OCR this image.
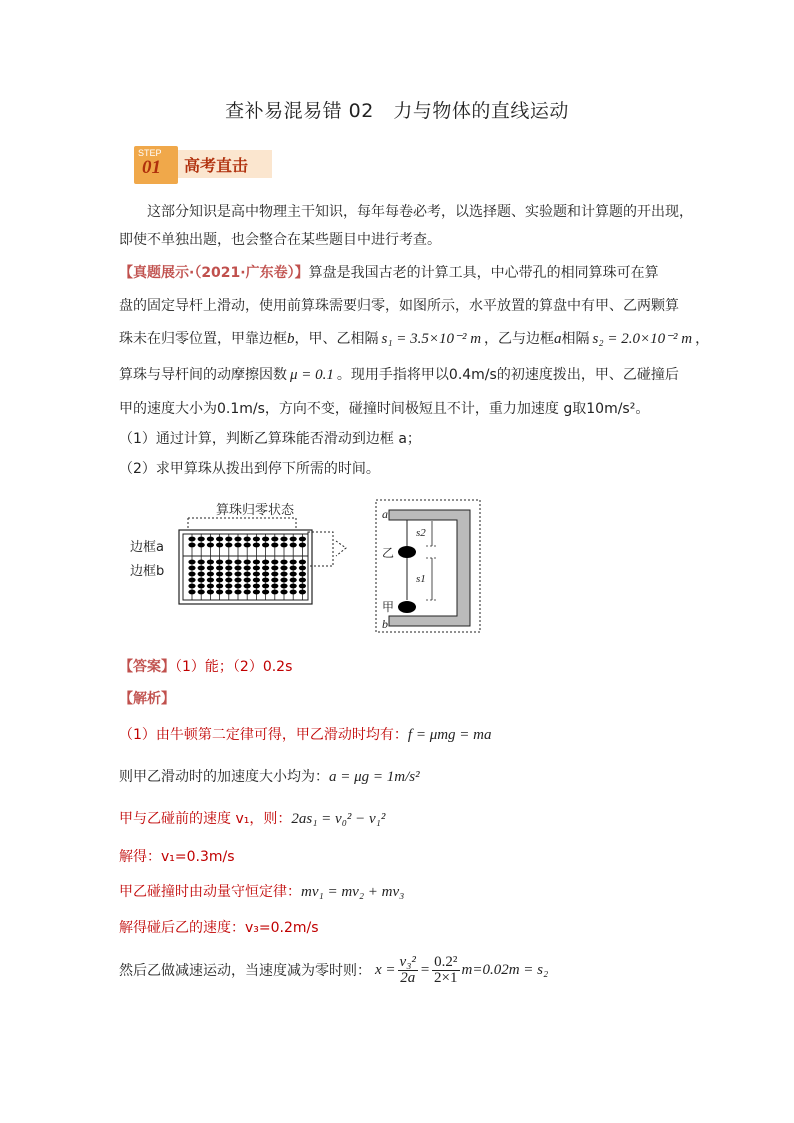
查补易混易错 02　力与物体的直线运动
高考直击
STEP
01
这部分知识是高中物理主干知识，每年每卷必考，以选择题、实验题和计算题的开出现，
即使不单独出题，也会整合在某些题目中进行考查。
【真题展示·（2021·广东卷）】算盘是我国古老的计算工具，中心带孔的相同算珠可在算
盘的固定导杆上滑动，使用前算珠需要归零，如图所示，水平放置的算盘中有甲、乙两颗算
珠未在归零位置，甲靠边框b，甲、乙相隔 s₁ = 3.5×10⁻² m ，乙与边框a相隔 s₂ = 2.0×10⁻² m ，
算珠与导杆间的动摩擦因数 μ = 0.1 。现用手指将甲以0.4m/s的初速度拨出，甲、乙碰撞后
甲的速度大小为0.1m/s，方向不变，碰撞时间极短且不计，重力加速度 g取10m/s²。
（1）通过计算，判断乙算珠能否滑动到边框 a；
（2）求甲算珠从拨出到停下所需的时间。
算珠归零状态
边框a
边框b
a
b
乙
甲
s2
s1
【答案】（1）能；（2）0.2s
【解析】
（1）由牛顿第二定律可得，甲乙滑动时均有：f = μmg = ma
则甲乙滑动时的加速度大小均为：a = μg = 1m/s²
甲与乙碰前的速度 v₁，则：2as₁ = v₀² − v₁²
解得：v₁=0.3m/s
甲乙碰撞时由动量守恒定律：mv₁ = mv₂ + mv₃
解得碰后乙的速度：v₃=0.2m/s
然后乙做减速运动，当速度减为零时则： $x = \frac{\text{v₃²}}{2a} = \frac{\text{0.2²}}{2\times 1} m=0.02m = s_2$
